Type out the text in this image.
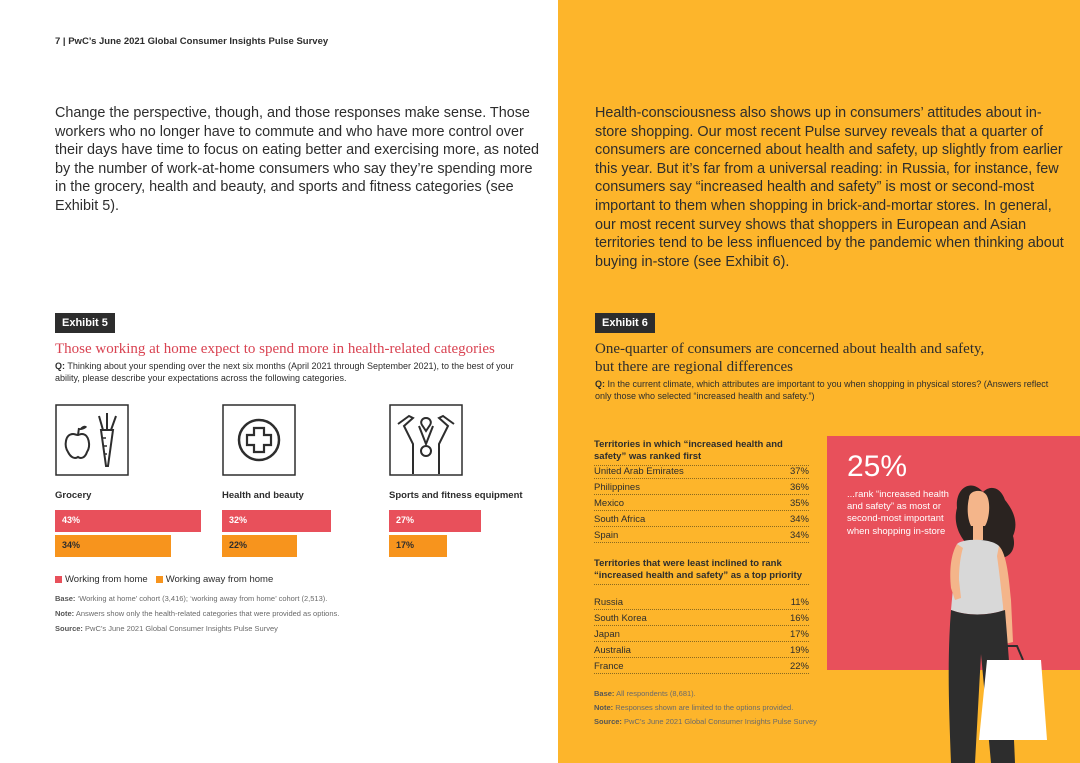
7 | PwC’s June 2021 Global Consumer Insights Pulse Survey
Change the perspective, though, and those responses make sense. Those workers who no longer have to commute and who have more control over their days have time to focus on eating better and exercising more, as noted by the number of work-at-home consumers who say they’re spending more in the grocery, health and beauty, and sports and fitness categories (see Exhibit 5).
Exhibit 5
Those working at home expect to spend more in health-related categories
Q: Thinking about your spending over the next six months (April 2021 through September 2021), to the best of your ability, please describe your expectations across the following categories.
Grocery	Health and beauty	Sports and fitness equipment
43%
34%
32%
22%
27%
17%
Working from home Working away from home
Base: ‘Working at home’ cohort (3,416); ‘working away from home’ cohort (2,513).
Note: Answers show only the health-related categories that were provided as options.
Source: PwC’s June 2021 Global Consumer Insights Pulse Survey
Health-consciousness also shows up in consumers’ attitudes about in-store shopping. Our most recent Pulse survey reveals that a quarter of consumers are concerned about health and safety, up slightly from earlier this year. But it’s far from a universal reading: in Russia, for instance, few consumers say “increased health and safety” is most or second-most important to them when shopping in brick-and-mortar stores. In general, our most recent survey shows that shoppers in European and Asian territories tend to be less influenced by the pandemic when thinking about buying in-store (see Exhibit 6).
Exhibit 6
One-quarter of consumers are concerned about health and safety,
but there are regional differences
Q: In the current climate, which attributes are important to you when shopping in physical stores? (Answers reflect only those who selected “increased health and safety.”)
Territories in which “increased health and safety” was ranked first
United Arab Emirates	37%
Philippines	36%
Mexico	35%
South Africa	34%
Spain	34%
Territories that were least inclined to rank “increased health and safety” as a top priority
Russia	11%
South Korea	16%
Japan	17%
Australia	19%
France	22%
25%
...rank “increased health and safety” as most or second-most important when shopping in-store
Base: All respondents (8,681).
Note: Responses shown are limited to the options provided.
Source: PwC’s June 2021 Global Consumer Insights Pulse Survey
